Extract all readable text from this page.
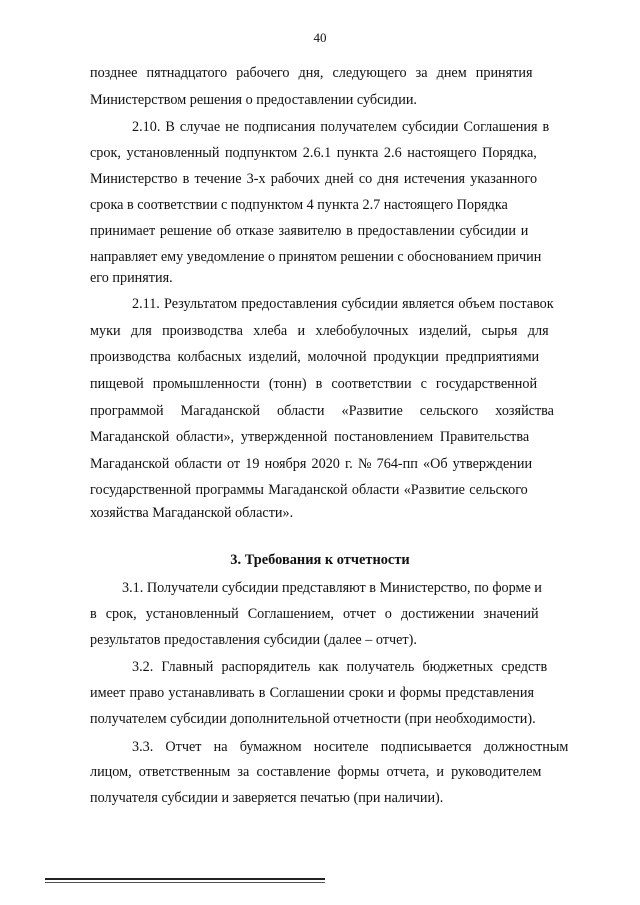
40
позднее пятнадцатого рабочего дня, следующего за днем принятия
Министерством решения о предоставлении субсидии.
2.10. В случае не подписания получателем субсидии Соглашения в
срок, установленный подпунктом 2.6.1 пункта 2.6 настоящего Порядка,
Министерство в течение 3-х рабочих дней со дня истечения указанного
срока в соответствии с подпунктом 4 пункта 2.7 настоящего Порядка
принимает решение об отказе заявителю в предоставлении субсидии и
направляет ему уведомление о принятом решении с обоснованием причин
его принятия.
2.11. Результатом предоставления субсидии является объем поставок
муки для производства хлеба и хлебобулочных изделий, сырья для
производства колбасных изделий, молочной продукции предприятиями
пищевой промышленности (тонн) в соответствии с государственной
программой Магаданской области «Развитие сельского хозяйства
Магаданской области», утвержденной постановлением Правительства
Магаданской области от 19 ноября 2020 г. № 764-пп «Об утверждении
государственной программы Магаданской области «Развитие сельского
хозяйства Магаданской области».
3. Требования к отчетности
3.1. Получатели субсидии представляют в Министерство, по форме и
в срок, установленный Соглашением, отчет о достижении значений
результатов предоставления субсидии (далее – отчет).
3.2. Главный распорядитель как получатель бюджетных средств
имеет право устанавливать в Соглашении сроки и формы представления
получателем субсидии дополнительной отчетности (при необходимости).
3.3. Отчет на бумажном носителе подписывается должностным
лицом, ответственным за составление формы отчета, и руководителем
получателя субсидии и заверяется печатью (при наличии).
